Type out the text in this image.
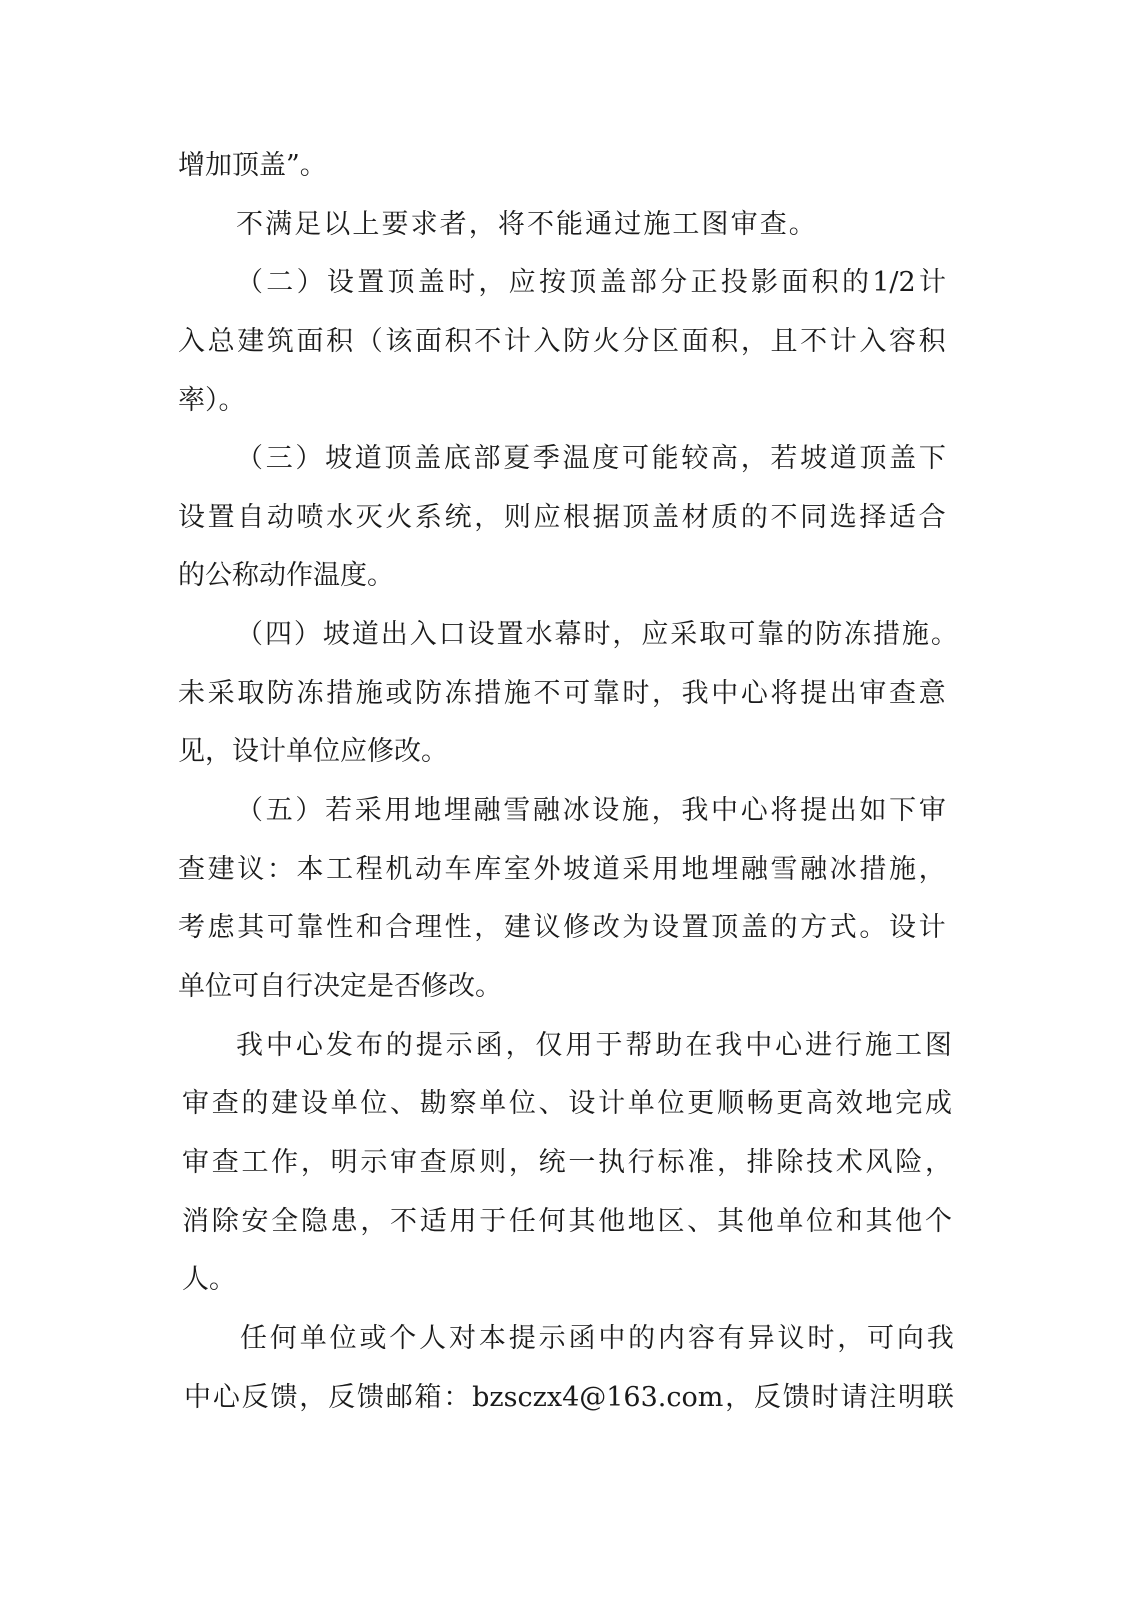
增加顶盖”。
不 满 足 以 上 要 求 者 ， 将 不 能 通 过 施 工 图 审 查 。
（ 二 ） 设 置 顶 盖 时 ， 应 按 顶 盖 部 分 正 投 影 面 积 的 1/2 计
入 总 建 筑 面 积 （ 该 面 积 不 计 入 防 火 分 区 面 积 ， 且 不 计 入 容 积
率）。
（ 三 ） 坡 道 顶 盖 底 部 夏 季 温 度 可 能 较 高 ， 若 坡 道 顶 盖 下
设 置 自 动 喷 水 灭 火 系 统 ， 则 应 根 据 顶 盖 材 质 的 不 同 选 择 适 合
的公称动作温度。
（ 四 ） 坡 道 出 入 口 设 置 水 幕 时 ， 应 采 取 可 靠 的 防 冻 措 施 。
未 采 取 防 冻 措 施 或 防 冻 措 施 不 可 靠 时 ， 我 中 心 将 提 出 审 查 意
见，设计单位应修改。
（ 五 ） 若 采 用 地 埋 融 雪 融 冰 设 施 ， 我 中 心 将 提 出 如 下 审
查 建 议 ： 本 工 程 机 动 车 库 室 外 坡 道 采 用 地 埋 融 雪 融 冰 措 施 ，
考 虑 其 可 靠 性 和 合 理 性 ， 建 议 修 改 为 设 置 顶 盖 的 方 式 。 设 计
单位可自行决定是否修改。
我 中 心 发 布 的 提 示 函 ， 仅 用 于 帮 助 在 我 中 心 进 行 施 工 图
审 查 的 建 设 单 位 、 勘 察 单 位 、 设 计 单 位 更 顺 畅 更 高 效 地 完 成
审 查 工 作 ， 明 示 审 查 原 则 ， 统 一 执 行 标 准 ， 排 除 技 术 风 险 ，
消 除 安 全 隐 患 ， 不 适 用 于 任 何 其 他 地 区 、 其 他 单 位 和 其 他 个
人。
任 何 单 位 或 个 人 对 本 提 示 函 中 的 内 容 有 异 议 时 ， 可 向 我
中 心 反 馈 ， 反 馈 邮 箱 ： bzsczx4@163.com ， 反 馈 时 请 注 明 联
